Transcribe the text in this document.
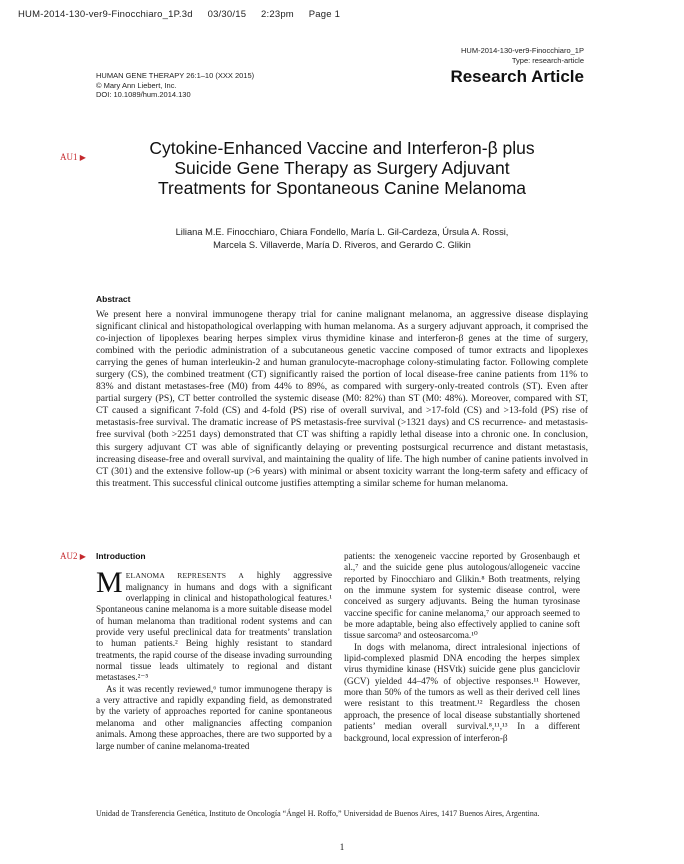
HUM-2014-130-ver9-Finocchiaro_1P.3d 03/30/15 2:23pm Page 1
HUM-2014-130-ver9-Finocchiaro_1P
Type: research-article
HUMAN GENE THERAPY 26:1–10 (XXX 2015)
© Mary Ann Liebert, Inc.
DOI: 10.1089/hum.2014.130
Research Article
AU1 ▶
AU2 ▶
Cytokine-Enhanced Vaccine and Interferon-β plus
Suicide Gene Therapy as Surgery Adjuvant
Treatments for Spontaneous Canine Melanoma
Liliana M.E. Finocchiaro, Chiara Fondello, María L. Gil-Cardeza, Úrsula A. Rossi,
Marcela S. Villaverde, María D. Riveros, and Gerardo C. Glikin
Abstract
We present here a nonviral immunogene therapy trial for canine malignant melanoma, an aggressive disease displaying significant clinical and histopathological overlapping with human melanoma. As a surgery adjuvant approach, it comprised the co-injection of lipoplexes bearing herpes simplex virus thymidine kinase and interferon-β genes at the time of surgery, combined with the periodic administration of a subcutaneous genetic vaccine composed of tumor extracts and lipoplexes carrying the genes of human interleukin-2 and human granulocyte-macrophage colony-stimulating factor. Following complete surgery (CS), the combined treatment (CT) significantly raised the portion of local disease-free canine patients from 11% to 83% and distant metastases-free (M0) from 44% to 89%, as compared with surgery-only-treated controls (ST). Even after partial surgery (PS), CT better controlled the systemic disease (M0: 82%) than ST (M0: 48%). Moreover, compared with ST, CT caused a significant 7-fold (CS) and 4-fold (PS) rise of overall survival, and >17-fold (CS) and >13-fold (PS) rise of metastasis-free survival. The dramatic increase of PS metastasis-free survival (>1321 days) and CS recurrence- and metastasis-free survival (both >2251 days) demonstrated that CT was shifting a rapidly lethal disease into a chronic one. In conclusion, this surgery adjuvant CT was able of significantly delaying or preventing postsurgical recurrence and distant metastasis, increasing disease-free and overall survival, and maintaining the quality of life. The high number of canine patients involved in CT (301) and the extensive follow-up (>6 years) with minimal or absent toxicity warrant the long-term safety and efficacy of this treatment. This successful clinical outcome justifies attempting a similar scheme for human melanoma.
Introduction

MELANOMA REPRESENTS A highly aggressive malignancy in humans and dogs with a significant overlapping in clinical and histopathological features.¹ Spontaneous canine melanoma is a more suitable disease model of human melanoma than traditional rodent systems and can provide very useful preclinical data for treatments’ translation to human patients.² Being highly resistant to standard treatments, the rapid course of the disease invading surrounding normal tissue leads ultimately to regional and distant metastases.²⁻⁵

As it was recently reviewed,⁶ tumor immunogene therapy is a very attractive and rapidly expanding field, as demonstrated by the variety of approaches reported for canine spontaneous melanoma and other malignancies affecting companion animals. Among these approaches, there are two supported by a large number of canine melanoma-treated

patients: the xenogeneic vaccine reported by Grosenbaugh et al.,⁷ and the suicide gene plus autologous/allogeneic vaccine reported by Finocchiaro and Glikin.⁸ Both treatments, relying on the immune system for systemic disease control, were conceived as surgery adjuvants. Being the human tyrosinase vaccine specific for canine melanoma,⁷ our approach seemed to be more adaptable, being also effectively applied to canine soft tissue sarcoma⁹ and osteosarcoma.¹⁰

In dogs with melanoma, direct intralesional injections of lipid-complexed plasmid DNA encoding the herpes simplex virus thymidine kinase (HSVtk) suicide gene plus ganciclovir (GCV) yielded 44–47% of objective responses.¹¹ However, more than 50% of the tumors as well as their derived cell lines were resistant to this treatment.¹² Regardless the chosen approach, the presence of local disease substantially shortened patients’ median overall survival.⁸,¹¹,¹³ In a different background, local expression of interferon-β

Unidad de Transferencia Genética, Instituto de Oncología “Ángel H. Roffo,” Universidad de Buenos Aires, 1417 Buenos Aires, Argentina.
1
